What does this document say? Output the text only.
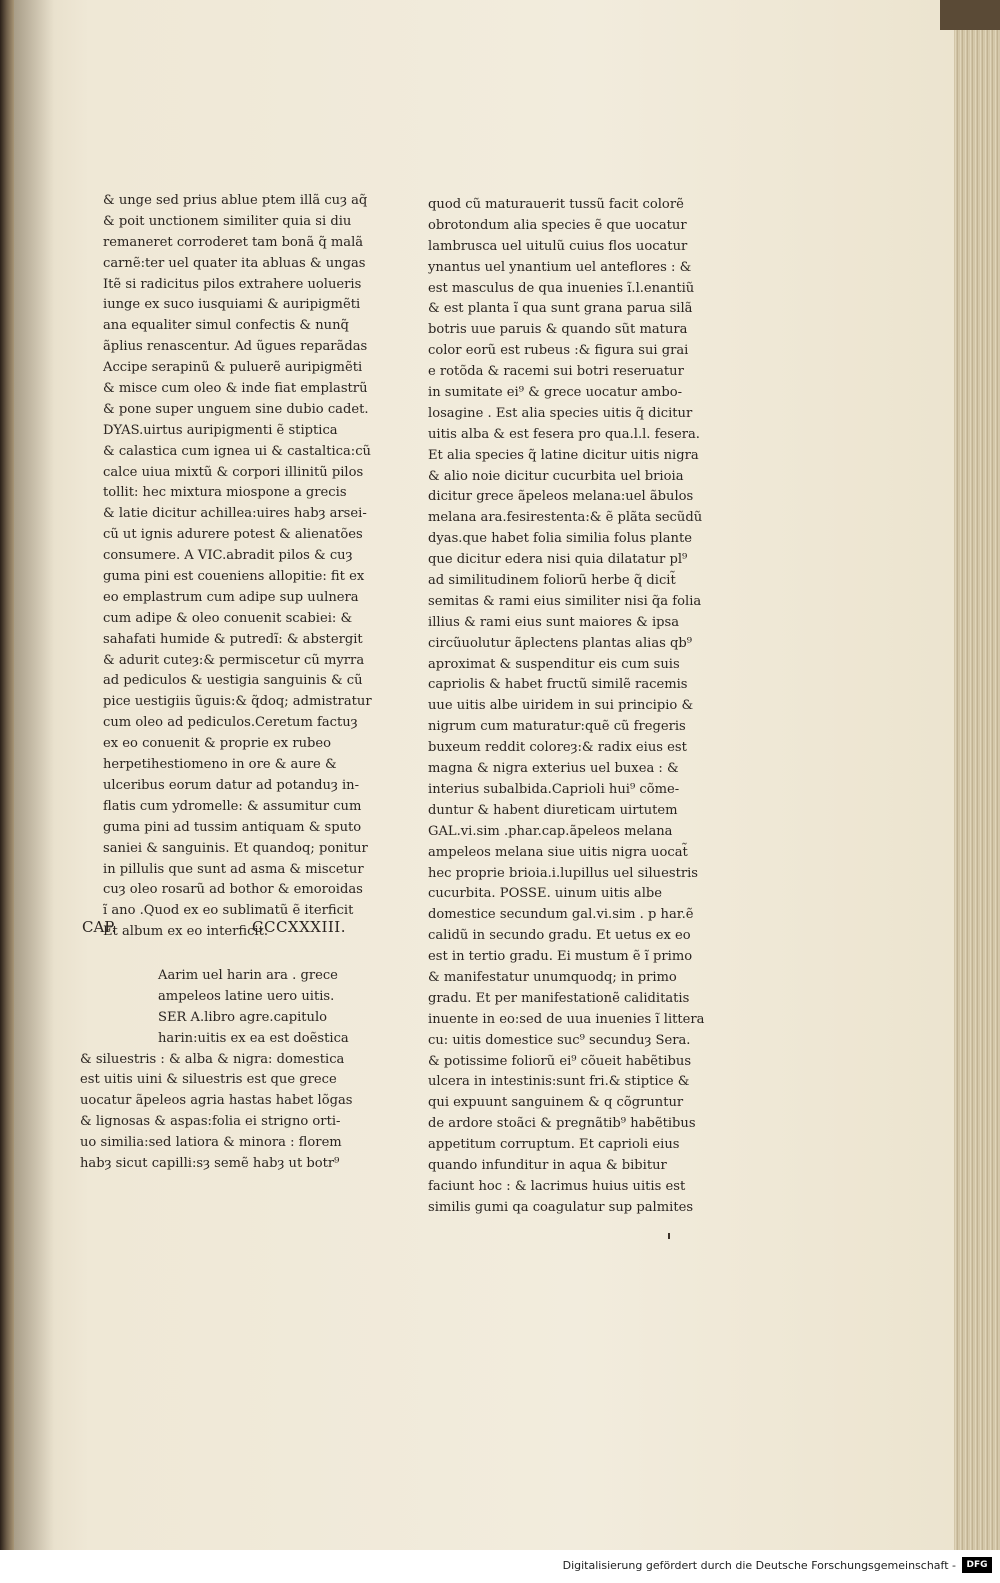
& unge sed prius ablue ptem illã cuȝ aq̃
& poit unctionem similiter quia si diu
remaneret corroderet tam bonã q̃ malã
carnẽ:ter uel quater ita abluas & ungas
Itẽ si radicitus pilos extrahere uolueris
iunge ex suco iusquiami & auripigmẽti
ana equaliter simul confectis & nunq̃
ãplius renascentur. Ad ũgues reparãdas
Accipe serapinũ & puluerẽ auripigmẽti
& misce cum oleo & inde fiat emplastrũ
& pone super unguem sine dubio cadet.
DYAS.uirtus auripigmenti ẽ stiptica
& calastica cum ignea ui & castaltica:cũ
calce uiua mixtũ & corpori illinitũ pilos
tollit: hec mixtura miospone a grecis
& latie dicitur achillea:uires habȝ arsei-
cũ ut ignis adurere potest & alienatões
consumere. A VIC.abradit pilos & cuȝ
guma pini est coueniens allopitie: fit ex
eo emplastrum cum adipe sup uulnera
cum adipe & oleo conuenit scabiei: &
sahafati humide & putredĩ: & abstergit
& adurit cuteȝ:& permiscetur cũ myrra
ad pediculos & uestigia sanguinis & cũ
pice uestigiis ũguis:& q̃doq; admistratur
cum oleo ad pediculos.Ceretum factuȝ
ex eo conuenit & proprie ex rubeo
herpetihestiomeno in ore & aure &
ulceribus eorum datur ad potanduȝ in-
flatis cum ydromelle: & assumitur cum
guma pini ad tussim antiquam & sputo
saniei & sanguinis. Et quandoq; ponitur
in pillulis que sunt ad asma & miscetur
cuȝ oleo rosarũ ad bothor & emoroidas
ĩ ano .Quod ex eo sublimatũ ẽ iterficit
Et album ex eo interficit.
CAP.	CCCXXXIII.
Aarim uel harin ara . grece
ampeleos latine uero uitis.
SER A.libro agre.capitulo
harin:uitis ex ea est doẽstica
& siluestris : & alba & nigra: domestica
est uitis uini & siluestris est que grece
uocatur ãpeleos agria hastas habet lõgas
& lignosas & aspas:folia ei strigno orti-
uo similia:sed latiora & minora : florem
habȝ sicut capilli:sȝ semẽ habȝ ut botr⁹
quod cũ maturauerit tussũ facit colorẽ
obrotondum alia species ẽ que uocatur
lambrusca uel uitulũ cuius flos uocatur
ynantus uel ynantium uel anteflores : &
est masculus de qua inuenies ĩ.l.enantiũ
& est planta ĩ qua sunt grana parua silã
botris uue paruis & quando sũt matura
color eorũ est rubeus :& figura sui grai
e rotõda & racemi sui botri reseruatur
in sumitate ei⁹ & grece uocatur ambo-
losagine . Est alia species uitis q̃ dicitur
uitis alba & est fesera pro qua.l.l. fesera.
Et alia species q̃ latine dicitur uitis nigra
& alio noie dicitur cucurbita uel brioia
dicitur grece ãpeleos melana:uel ãbulos
melana ara.fesirestenta:& ẽ plãta secũdũ
dyas.que habet folia similia folus plante
que dicitur edera nisi quia dilatatur pl⁹
ad similitudinem foliorũ herbe q̃ dicit̃
semitas & rami eius similiter nisi q̃a folia
illius & rami eius sunt maiores & ipsa
circũuolutur ãplectens plantas alias qb⁹
aproximat & suspenditur eis cum suis
capriolis & habet fructũ similẽ racemis
uue uitis albe uiridem in sui principio &
nigrum cum maturatur:quẽ cũ fregeris
buxeum reddit coloreȝ:& radix eius est
magna & nigra exterius uel buxea : &
interius subalbida.Caprioli hui⁹ cõme-
duntur & habent diureticam uirtutem
GAL.vi.sim .phar.cap.ãpeleos melana
ampeleos melana siue uitis nigra uocat̃
hec proprie brioia.i.lupillus uel siluestris
cucurbita. POSSE. uinum uitis albe
domestice secundum gal.vi.sim . p har.ẽ
calidũ in secundo gradu. Et uetus ex eo
est in tertio gradu. Ei mustum ẽ ĩ primo
& manifestatur unumquodq; in primo
gradu. Et per manifestationẽ caliditatis
inuente in eo:sed de uua inuenies ĩ littera
cu: uitis domestice suc⁹ secunduȝ Sera.
& potissime foliorũ ei⁹ cõueit habẽtibus
ulcera in intestinis:sunt fri.& stiptice &
qui expuunt sanguinem & q cõgruntur
de ardore stoãci & pregnãtib⁹ habẽtibus
appetitum corruptum. Et caprioli eius
quando infunditur in aqua & bibitur
faciunt hoc : & lacrimus huius uitis est
similis gumi qa coagulatur sup palmites
Digitalisierung gefördert durch die Deutsche Forschungsgemeinschaft -	DFG
